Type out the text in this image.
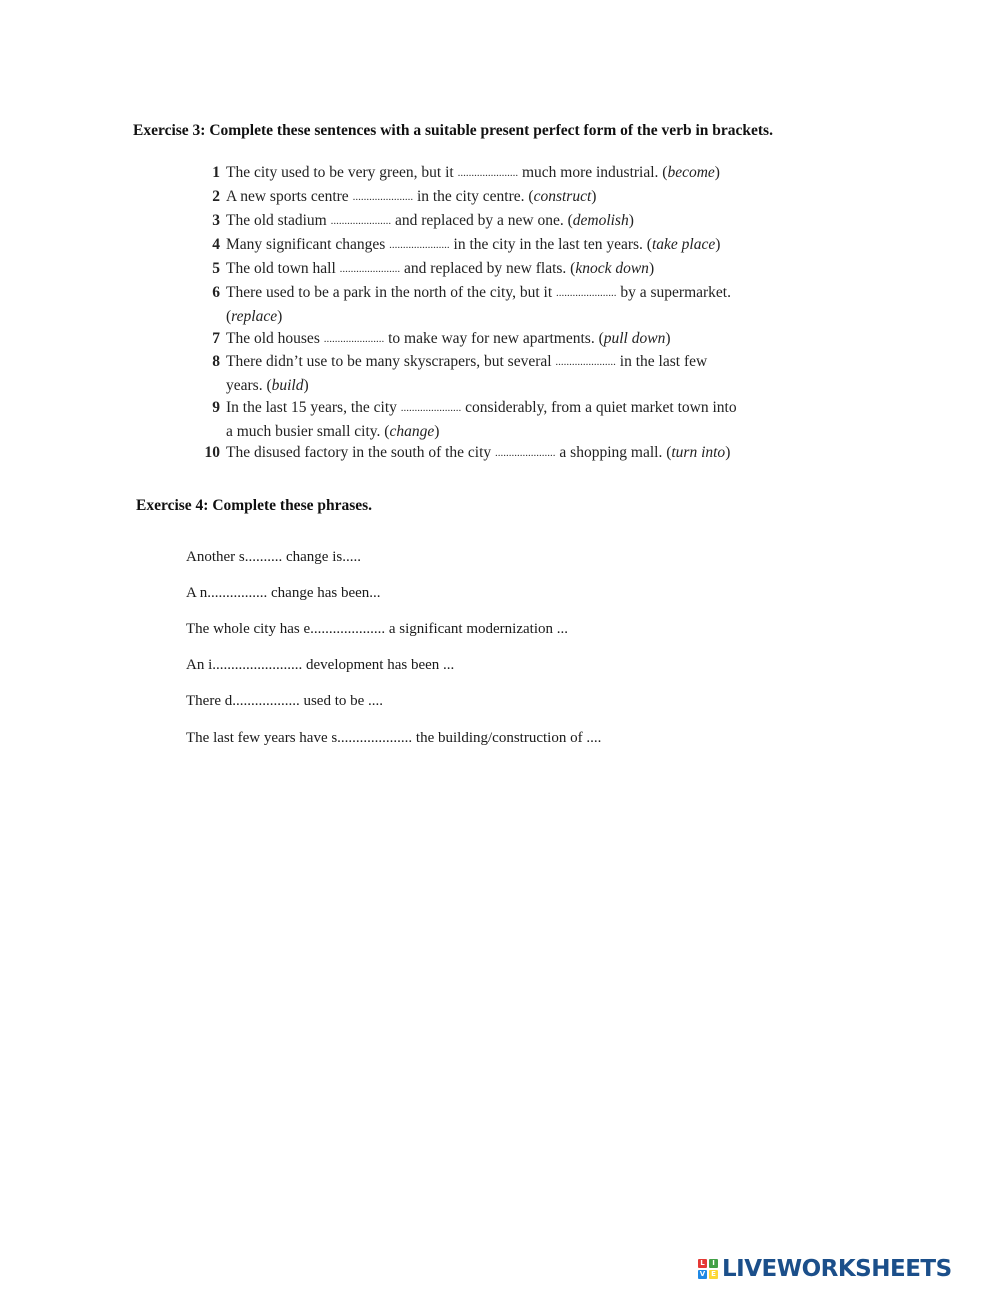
Exercise 3: Complete these sentences with a suitable present perfect form of the verb in brackets.
1 The city used to be very green, but it ...................... much more industrial. (become)
2 A new sports centre ...................... in the city centre. (construct)
3 The old stadium ...................... and replaced by a new one. (demolish)
4 Many significant changes ...................... in the city in the last ten years. (take place)
5 The old town hall ...................... and replaced by new flats. (knock down)
6 There used to be a park in the north of the city, but it ...................... by a supermarket.
(replace)
7 The old houses ...................... to make way for new apartments. (pull down)
8 There didn’t use to be many skyscrapers, but several ...................... in the last few
years. (build)
9 In the last 15 years, the city ...................... considerably, from a quiet market town into
a much busier small city. (change)
10 The disused factory in the south of the city ...................... a shopping mall. (turn into)
Exercise 4: Complete these phrases.

Another s.......... change is.....

A n................ change has been...

The whole city has e.................... a significant modernization ...

An i........................ development has been ...

There d.................. used to be ....

The last few years have s.................... the building/construction of ....

L	I
V E LIVEWORKSHEETS
